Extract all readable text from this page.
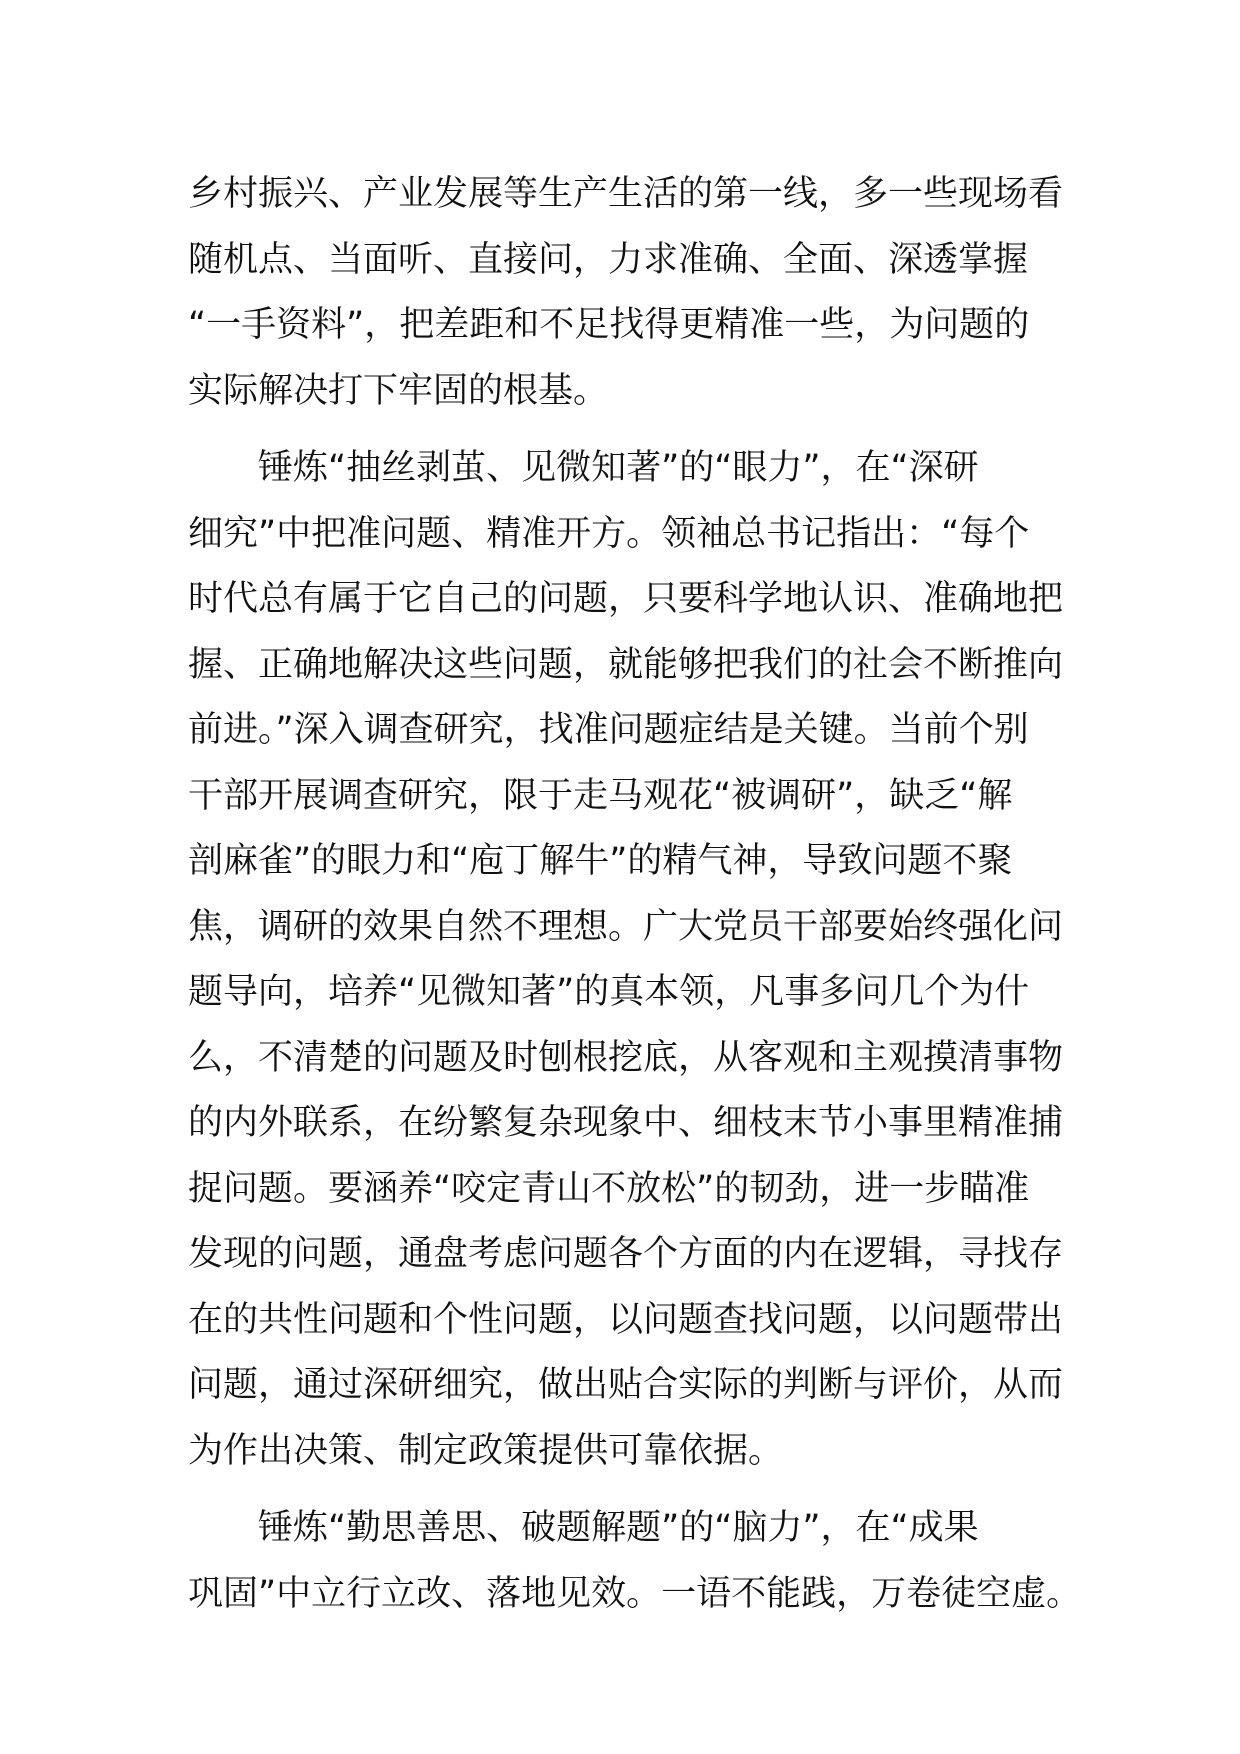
乡村振兴、产业发展等生产生活的第一线，多一些现场看
随机点、当面听、直接问，力求准确、全面、深透掌握
“一手资料”，把差距和不足找得更精准一些，为问题的
实际解决打下牢固的根基。
锤炼“抽丝剥茧、见微知著”的“眼力”，在“深研
细究”中把准问题、精准开方。领袖总书记指出：“每个
时代总有属于它自己的问题，只要科学地认识、准确地把
握、正确地解决这些问题，就能够把我们的社会不断推向
前进。”深入调查研究，找准问题症结是关键。当前个别
干部开展调查研究，限于走马观花“被调研”，缺乏“解
剖麻雀”的眼力和“庖丁解牛”的精气神，导致问题不聚
焦，调研的效果自然不理想。广大党员干部要始终强化问
题导向，培养“见微知著”的真本领，凡事多问几个为什
么，不清楚的问题及时刨根挖底，从客观和主观摸清事物
的内外联系，在纷繁复杂现象中、细枝末节小事里精准捕
捉问题。要涵养“咬定青山不放松”的韧劲，进一步瞄准
发现的问题，通盘考虑问题各个方面的内在逻辑，寻找存
在的共性问题和个性问题，以问题查找问题，以问题带出
问题，通过深研细究，做出贴合实际的判断与评价，从而
为作出决策、制定政策提供可靠依据。
锤炼“勤思善思、破题解题”的“脑力”，在“成果
巩固”中立行立改、落地见效。一语不能践，万卷徒空虚。
